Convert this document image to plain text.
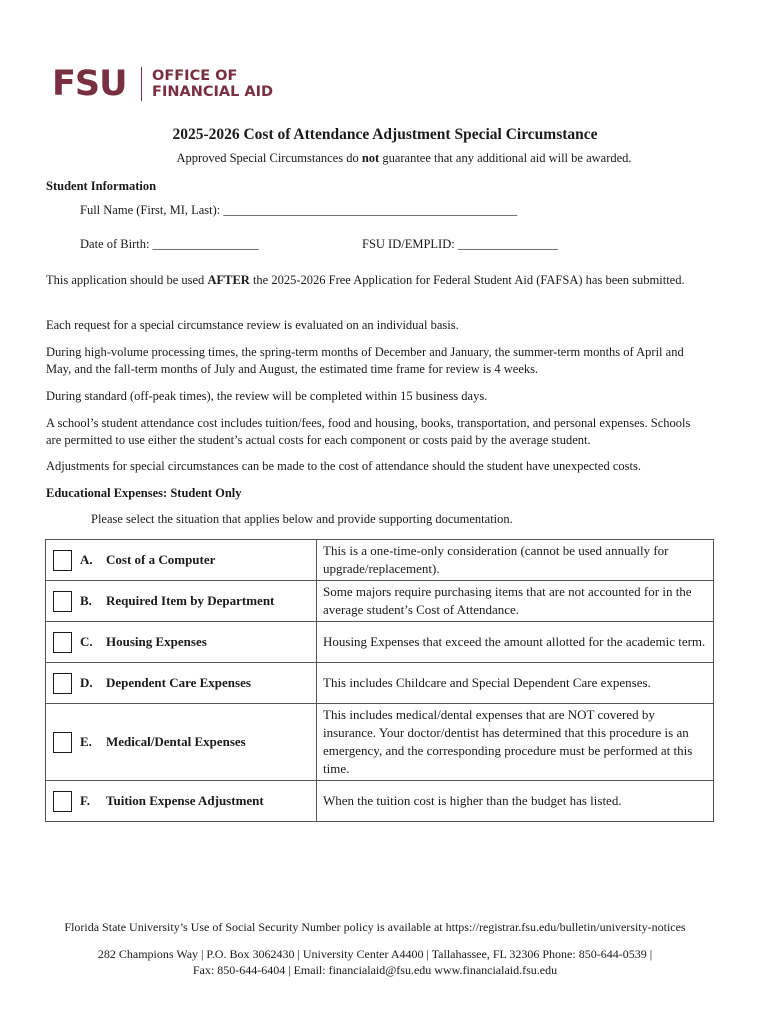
FSU OFFICE OF
FINANCIAL AID
2025-2026 Cost of Attendance Adjustment Special Circumstance
Approved Special Circumstances do not guarantee that any additional aid will be awarded.
Student Information
Full Name (First, MI, Last): _______________________________________________
Date of Birth: _________________	FSU ID/EMPLID: ________________
This application should be used AFTER the 2025-2026 Free Application for Federal Student Aid (FAFSA) has been submitted.
Each request for a special circumstance review is evaluated on an individual basis.
During high-volume processing times, the spring-term months of December and January, the summer-term months of April and May, and the fall-term months of July and August, the estimated time frame for review is 4 weeks.
During standard (off-peak times), the review will be completed within 15 business days.
A school’s student attendance cost includes tuition/fees, food and housing, books, transportation, and personal expenses. Schools are permitted to use either the student’s actual costs for each component or costs paid by the average student.
Adjustments for special circumstances can be made to the cost of attendance should the student have unexpected costs.
Educational Expenses: Student Only
Please select the situation that applies below and provide supporting documentation.
A. Cost of a Computer	This is a one-time-only consideration (cannot be used annually for upgrade/replacement).

B. Required Item by Department	Some majors require purchasing items that are not accounted for in the average student’s Cost of Attendance.

C. Housing Expenses	Housing Expenses that exceed the amount allotted for the academic term.

D. Dependent Care Expenses	This includes Childcare and Special Dependent Care expenses.

E. Medical/Dental Expenses	This includes medical/dental expenses that are NOT covered by insurance. Your doctor/dentist has determined that this procedure is an emergency, and the corresponding procedure must be performed at this time.

F. Tuition Expense Adjustment	When the tuition cost is higher than the budget has listed.
Florida State University’s Use of Social Security Number policy is available at https://registrar.fsu.edu/bulletin/university-notices
282 Champions Way | P.O. Box 3062430 | University Center A4400 | Tallahassee, FL 32306 Phone: 850-644-0539 |
Fax: 850-644-6404 | Email: financialaid@fsu.edu www.financialaid.fsu.edu
